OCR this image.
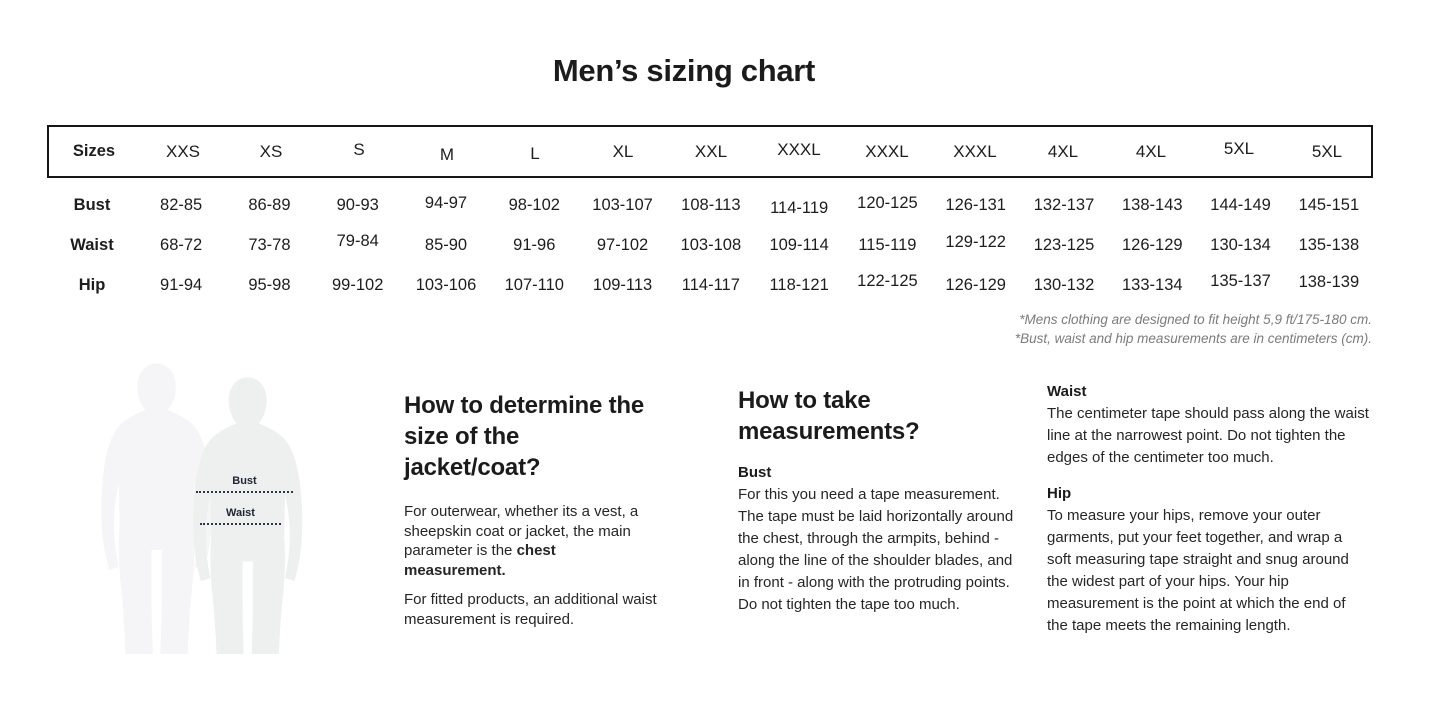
Men’s sizing chart
Sizes	XXS	XS	S	M	L	XL	XXL	XXXL	XXXL	XXXL	4XL	4XL	5XL	5XL
Bust	82-85	86-89	90-93	94-97	98-102	103-107	108-113	114-119	120-125	126-131	132-137	138-143	144-149	145-151
Waist	68-72	73-78	79-84	85-90	91-96	97-102	103-108	109-114	115-119	129-122	123-125	126-129	130-134	135-138
Hip	91-94	95-98	99-102	103-106	107-110	109-113	114-117	118-121	122-125	126-129	130-132	133-134	135-137	138-139
*Mens clothing are designed to fit height 5,9 ft/175-180 cm.
*Bust, waist and hip measurements are in centimeters (cm).
Bust
Waist
How to determine the size of the jacket/coat?

For outerwear, whether its a vest, a sheepskin coat or jacket, the main parameter is the chest measurement.

For fitted products, an additional waist measurement is required.

How to take measurements?
Bust
For this you need a tape measurement. The tape must be laid horizontally around the chest, through the armpits, behind - along the line of the shoulder blades, and in front - along with the protruding points. Do not tighten the tape too much.
Waist
The centimeter tape should pass along the waist line at the narrowest point. Do not tighten the edges of the centimeter too much.
Hip
To measure your hips, remove your outer garments, put your feet together, and wrap a soft measuring tape straight and snug around the widest part of your hips. Your hip measurement is the point at which the end of the tape meets the remaining length.
